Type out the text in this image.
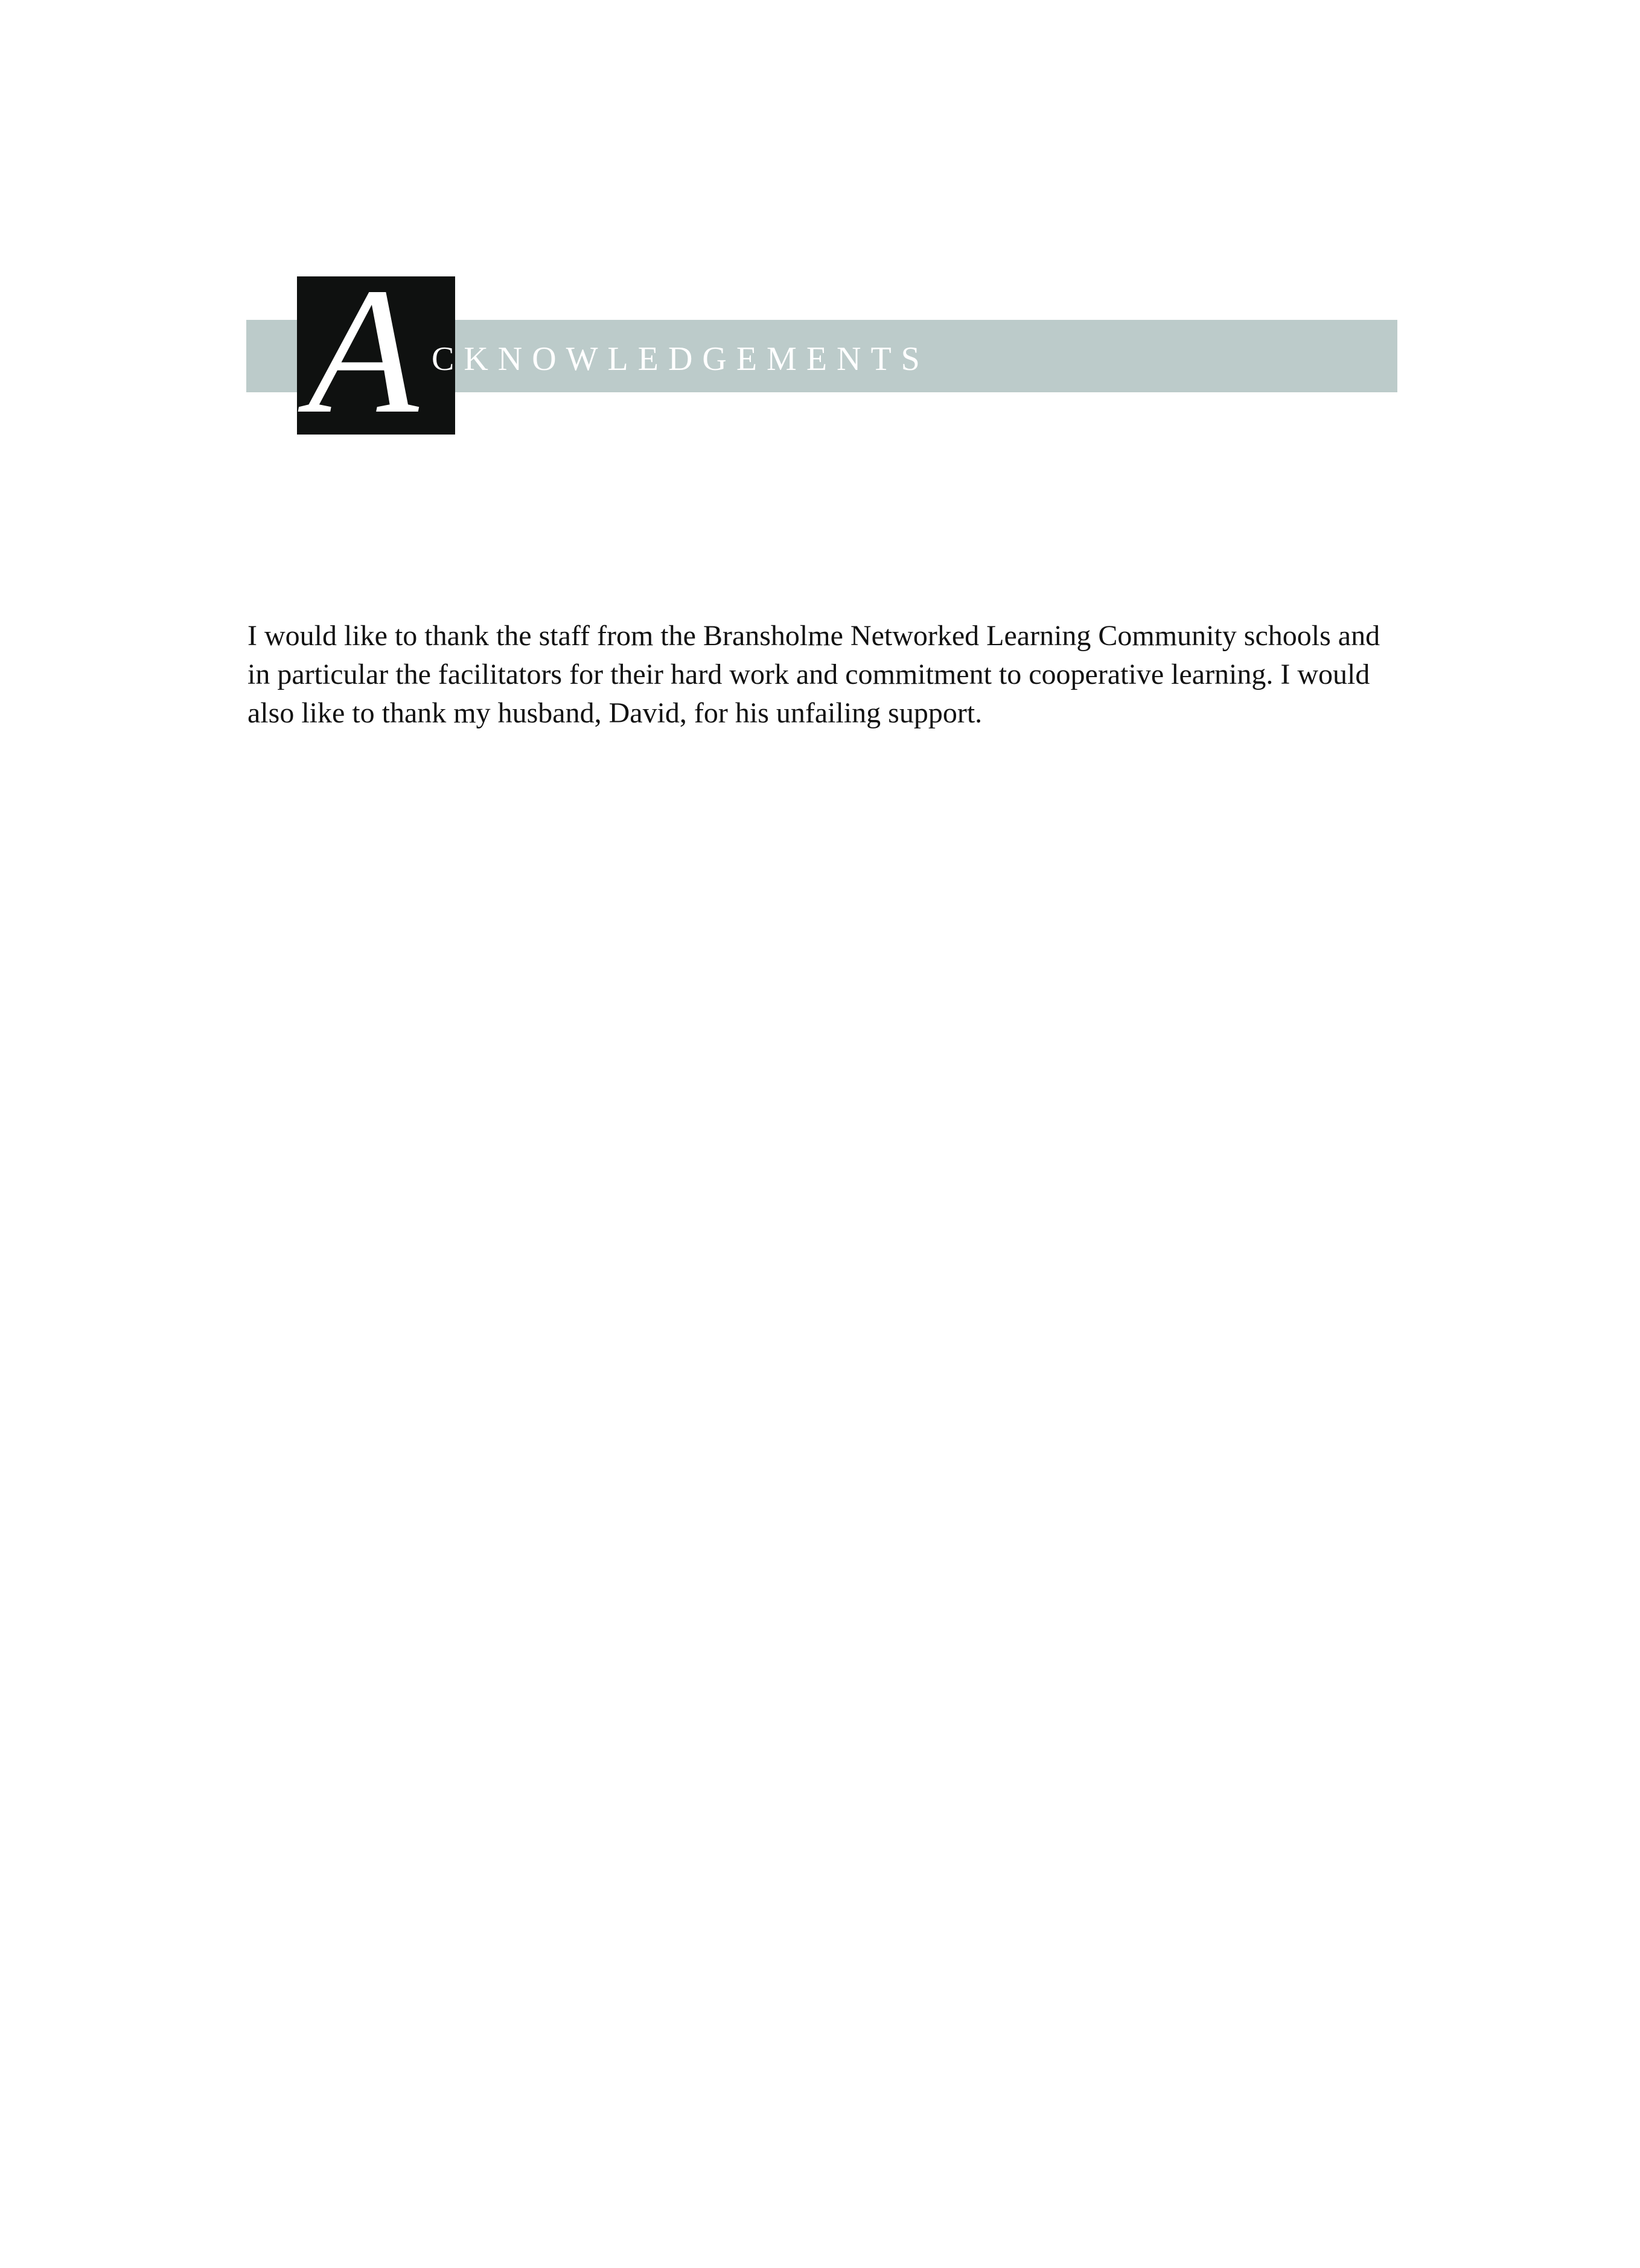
A CKNOWLEDGEMENTS

I would like to thank the staff from the Bransholme Networked Learning Community schools and in particular the facilitators for their hard work and commitment to cooperative learning. I would also like to thank my husband, David, for his unfailing support.
